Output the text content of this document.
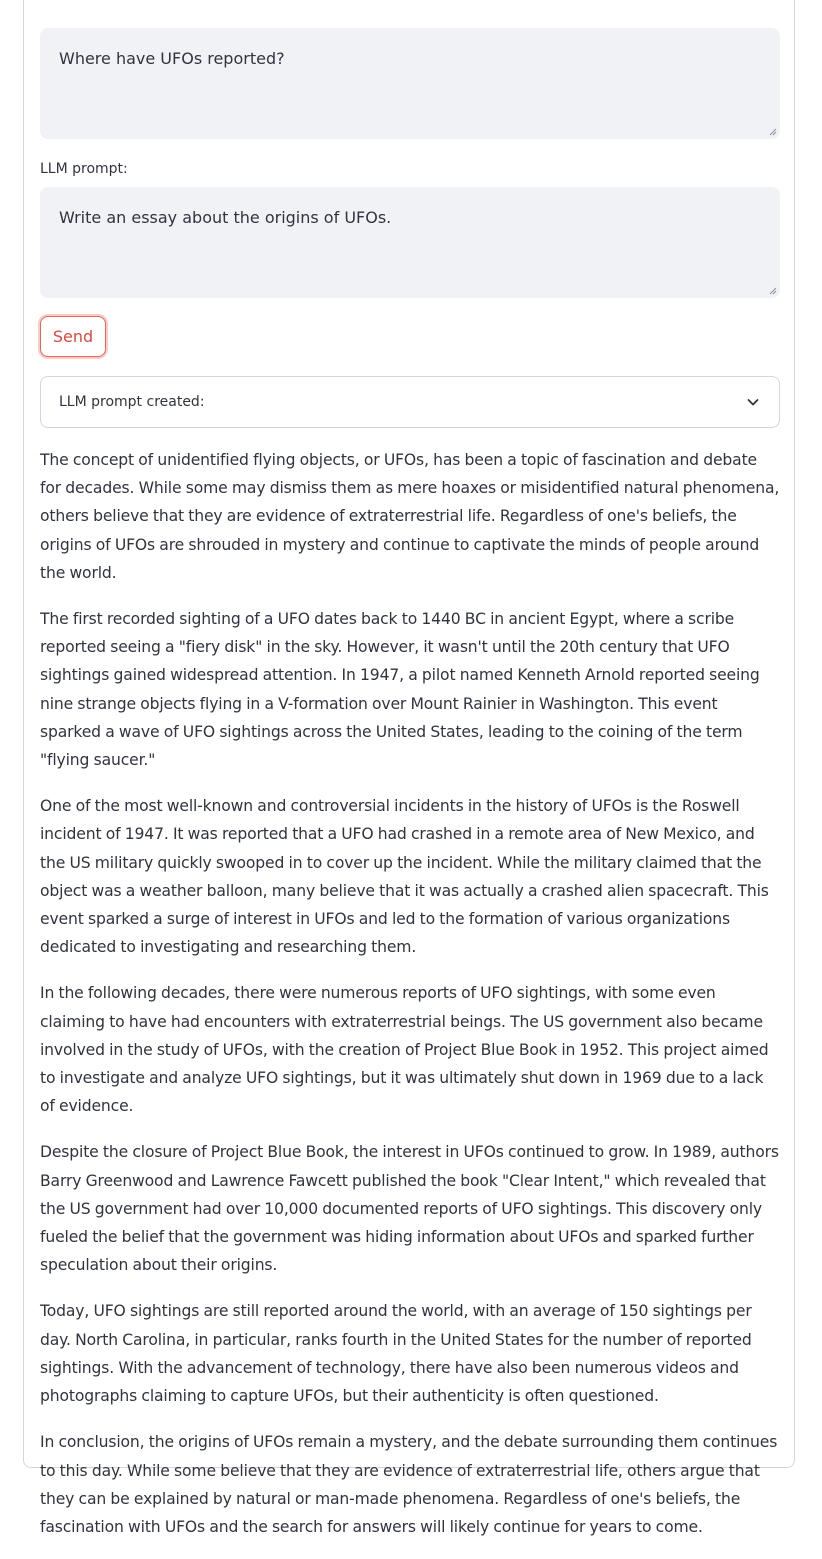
Where have UFOs reported?
LLM prompt:
Write an essay about the origins of UFOs.
Send
LLM prompt created:

The concept of unidentified flying objects, or UFOs, has been a topic of fascination and debate for decades. While some may dismiss them as mere hoaxes or misidentified natural phenomena, others believe that they are evidence of extraterrestrial life. Regardless of one's beliefs, the origins of UFOs are shrouded in mystery and continue to captivate the minds of people around the world.

The first recorded sighting of a UFO dates back to 1440 BC in ancient Egypt, where a scribe reported seeing a "fiery disk" in the sky. However, it wasn't until the 20th century that UFO sightings gained widespread attention. In 1947, a pilot named Kenneth Arnold reported seeing nine strange objects flying in a V-formation over Mount Rainier in Washington. This event sparked a wave of UFO sightings across the United States, leading to the coining of the term "flying saucer."

One of the most well-known and controversial incidents in the history of UFOs is the Roswell incident of 1947. It was reported that a UFO had crashed in a remote area of New Mexico, and the US military quickly swooped in to cover up the incident. While the military claimed that the object was a weather balloon, many believe that it was actually a crashed alien spacecraft. This event sparked a surge of interest in UFOs and led to the formation of various organizations dedicated to investigating and researching them.

In the following decades, there were numerous reports of UFO sightings, with some even claiming to have had encounters with extraterrestrial beings. The US government also became involved in the study of UFOs, with the creation of Project Blue Book in 1952. This project aimed to investigate and analyze UFO sightings, but it was ultimately shut down in 1969 due to a lack of evidence.

Despite the closure of Project Blue Book, the interest in UFOs continued to grow. In 1989, authors Barry Greenwood and Lawrence Fawcett published the book "Clear Intent," which revealed that the US government had over 10,000 documented reports of UFO sightings. This discovery only fueled the belief that the government was hiding information about UFOs and sparked further speculation about their origins.

Today, UFO sightings are still reported around the world, with an average of 150 sightings per day. North Carolina, in particular, ranks fourth in the United States for the number of reported sightings. With the advancement of technology, there have also been numerous videos and photographs claiming to capture UFOs, but their authenticity is often questioned.

In conclusion, the origins of UFOs remain a mystery, and the debate surrounding them continues to this day. While some believe that they are evidence of extraterrestrial life, others argue that they can be explained by natural or man-made phenomena. Regardless of one's beliefs, the fascination with UFOs and the search for answers will likely continue for years to come.
